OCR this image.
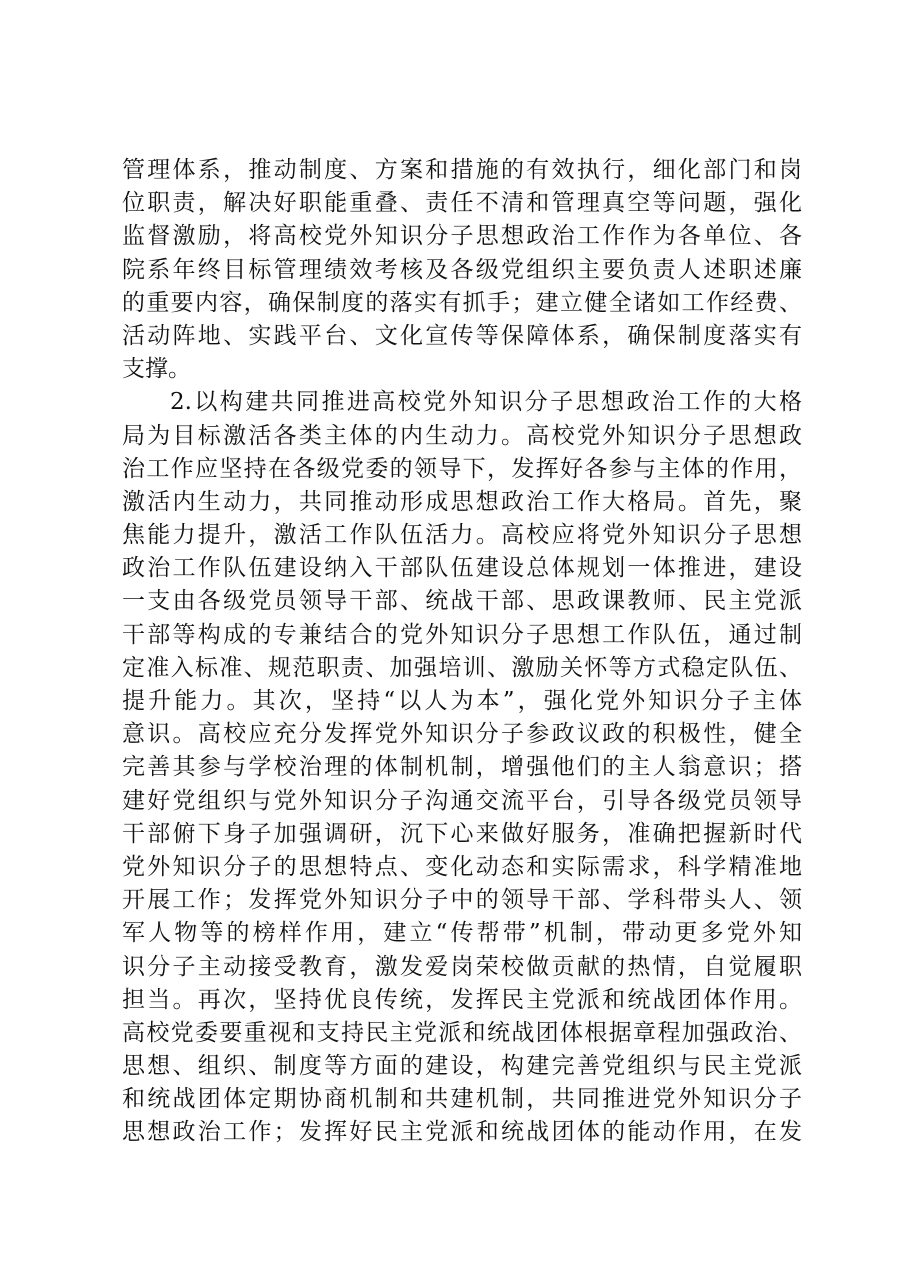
管理体系，推动制度、方案和措施的有效执行，细化部门和岗
位职责，解决好职能重叠、责任不清和管理真空等问题，强化
监督激励，将高校党外知识分子思想政治工作作为各单位、各
院系年终目标管理绩效考核及各级党组织主要负责人述职述廉
的重要内容，确保制度的落实有抓手；建立健全诸如工作经费、
活动阵地、实践平台、文化宣传等保障体系，确保制度落实有
支撑。
2.以构建共同推进高校党外知识分子思想政治工作的大格
局为目标激活各类主体的内生动力。高校党外知识分子思想政
治工作应坚持在各级党委的领导下，发挥好各参与主体的作用，
激活内生动力，共同推动形成思想政治工作大格局。首先，聚
焦能力提升，激活工作队伍活力。高校应将党外知识分子思想
政治工作队伍建设纳入干部队伍建设总体规划一体推进，建设
一支由各级党员领导干部、统战干部、思政课教师、民主党派
干部等构成的专兼结合的党外知识分子思想工作队伍，通过制
定准入标准、规范职责、加强培训、激励关怀等方式稳定队伍、
提升能力。其次，坚持“以人为本”，强化党外知识分子主体
意识。高校应充分发挥党外知识分子参政议政的积极性，健全
完善其参与学校治理的体制机制，增强他们的主人翁意识；搭
建好党组织与党外知识分子沟通交流平台，引导各级党员领导
干部俯下身子加强调研，沉下心来做好服务，准确把握新时代
党外知识分子的思想特点、变化动态和实际需求，科学精准地
开展工作；发挥党外知识分子中的领导干部、学科带头人、领
军人物等的榜样作用，建立“传帮带”机制，带动更多党外知
识分子主动接受教育，激发爱岗荣校做贡献的热情，自觉履职
担当。再次，坚持优良传统，发挥民主党派和统战团体作用。
高校党委要重视和支持民主党派和统战团体根据章程加强政治、
思想、组织、制度等方面的建设，构建完善党组织与民主党派
和统战团体定期协商机制和共建机制，共同推进党外知识分子
思想政治工作；发挥好民主党派和统战团体的能动作用，在发
